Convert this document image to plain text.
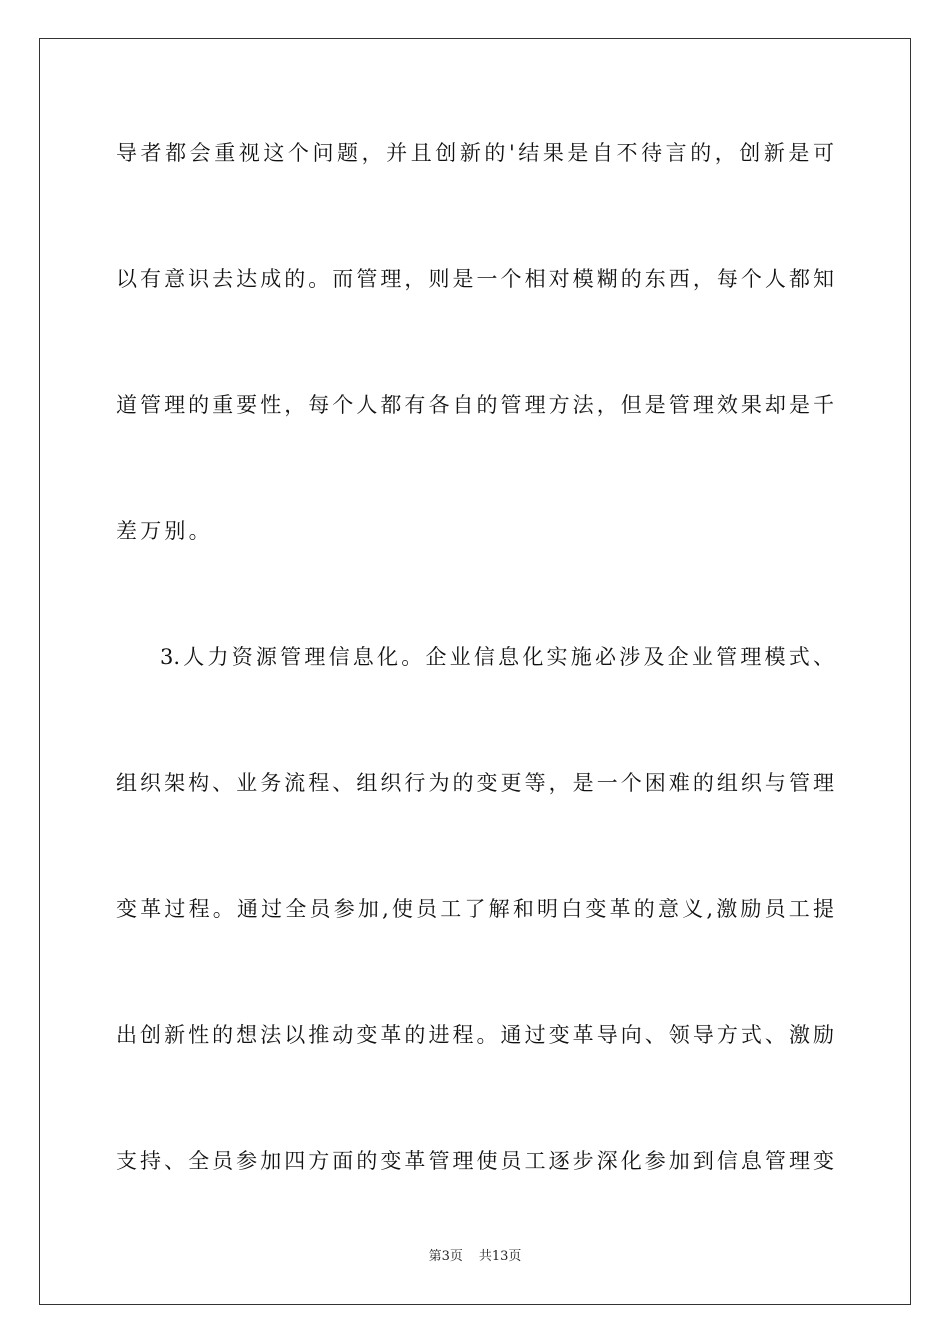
导者都会重视这个问题，并且创新的'结果是自不待言的，创新是可
以有意识去达成的。而管理，则是一个相对模糊的东西，每个人都知
道管理的重要性，每个人都有各自的管理方法，但是管理效果却是千
差万别。
3.人力资源管理信息化。企业信息化实施必涉及企业管理模式、
组织架构、业务流程、组织行为的变更等，是一个困难的组织与管理
变革过程。通过全员参加,使员工了解和明白变革的意义,激励员工提
出创新性的想法以推动变革的进程。通过变革导向、领导方式、激励
支持、全员参加四方面的变革管理使员工逐步深化参加到信息管理变
第3页 共13页
